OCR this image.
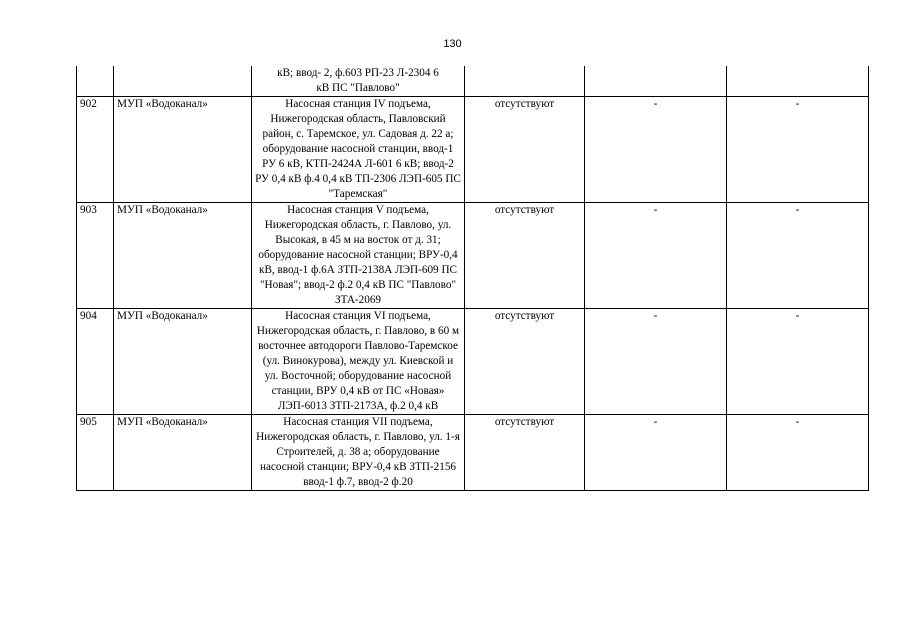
130
		кВ; ввод- 2, ф.603 РП-23 Л-2304 6 кВ ПС "Павлово"			
902	МУП «Водоканал»	Насосная станция IV подъема, Нижегородская область, Павловский район, с. Таремское, ул. Садовая д. 22 а; оборудование насосной станции, ввод-1 РУ 6 кВ, КТП-2424А Л-601 6 кВ; ввод-2 РУ 0,4 кВ ф.4 0,4 кВ ТП-2306 ЛЭП-605 ПС "Таремская"	отсутствуют	-	-
903	МУП «Водоканал»	Насосная станция V подъема, Нижегородская область, г. Павлово, ул. Высокая, в 45 м на восток от д. 31; оборудование насосной станции; ВРУ-0,4 кВ, ввод-1 ф.6А ЗТП-2138А ЛЭП-609 ПС "Новая"; ввод-2 ф.2 0,4 кВ ПС "Павлово" ЗТА-2069	отсутствуют	-	-
904	МУП «Водоканал»	Насосная станция VI подъема, Нижегородская область, г. Павлово, в 60 м восточнее автодороги Павлово-Таремское (ул. Винокурова), между ул. Киевской и ул. Восточной; оборудование насосной станции, ВРУ 0,4 кВ от ПС «Новая» ЛЭП-6013 ЗТП-2173А, ф.2 0,4 кВ	отсутствуют	-	-
905	МУП «Водоканал»	Насосная станция VII подъема, Нижегородская область, г. Павлово, ул. 1-я Строителей, д. 38 а; оборудование насосной станции; ВРУ-0,4 кВ ЗТП-2156 ввод-1 ф.7, ввод-2 ф.20	отсутствуют	-	-
